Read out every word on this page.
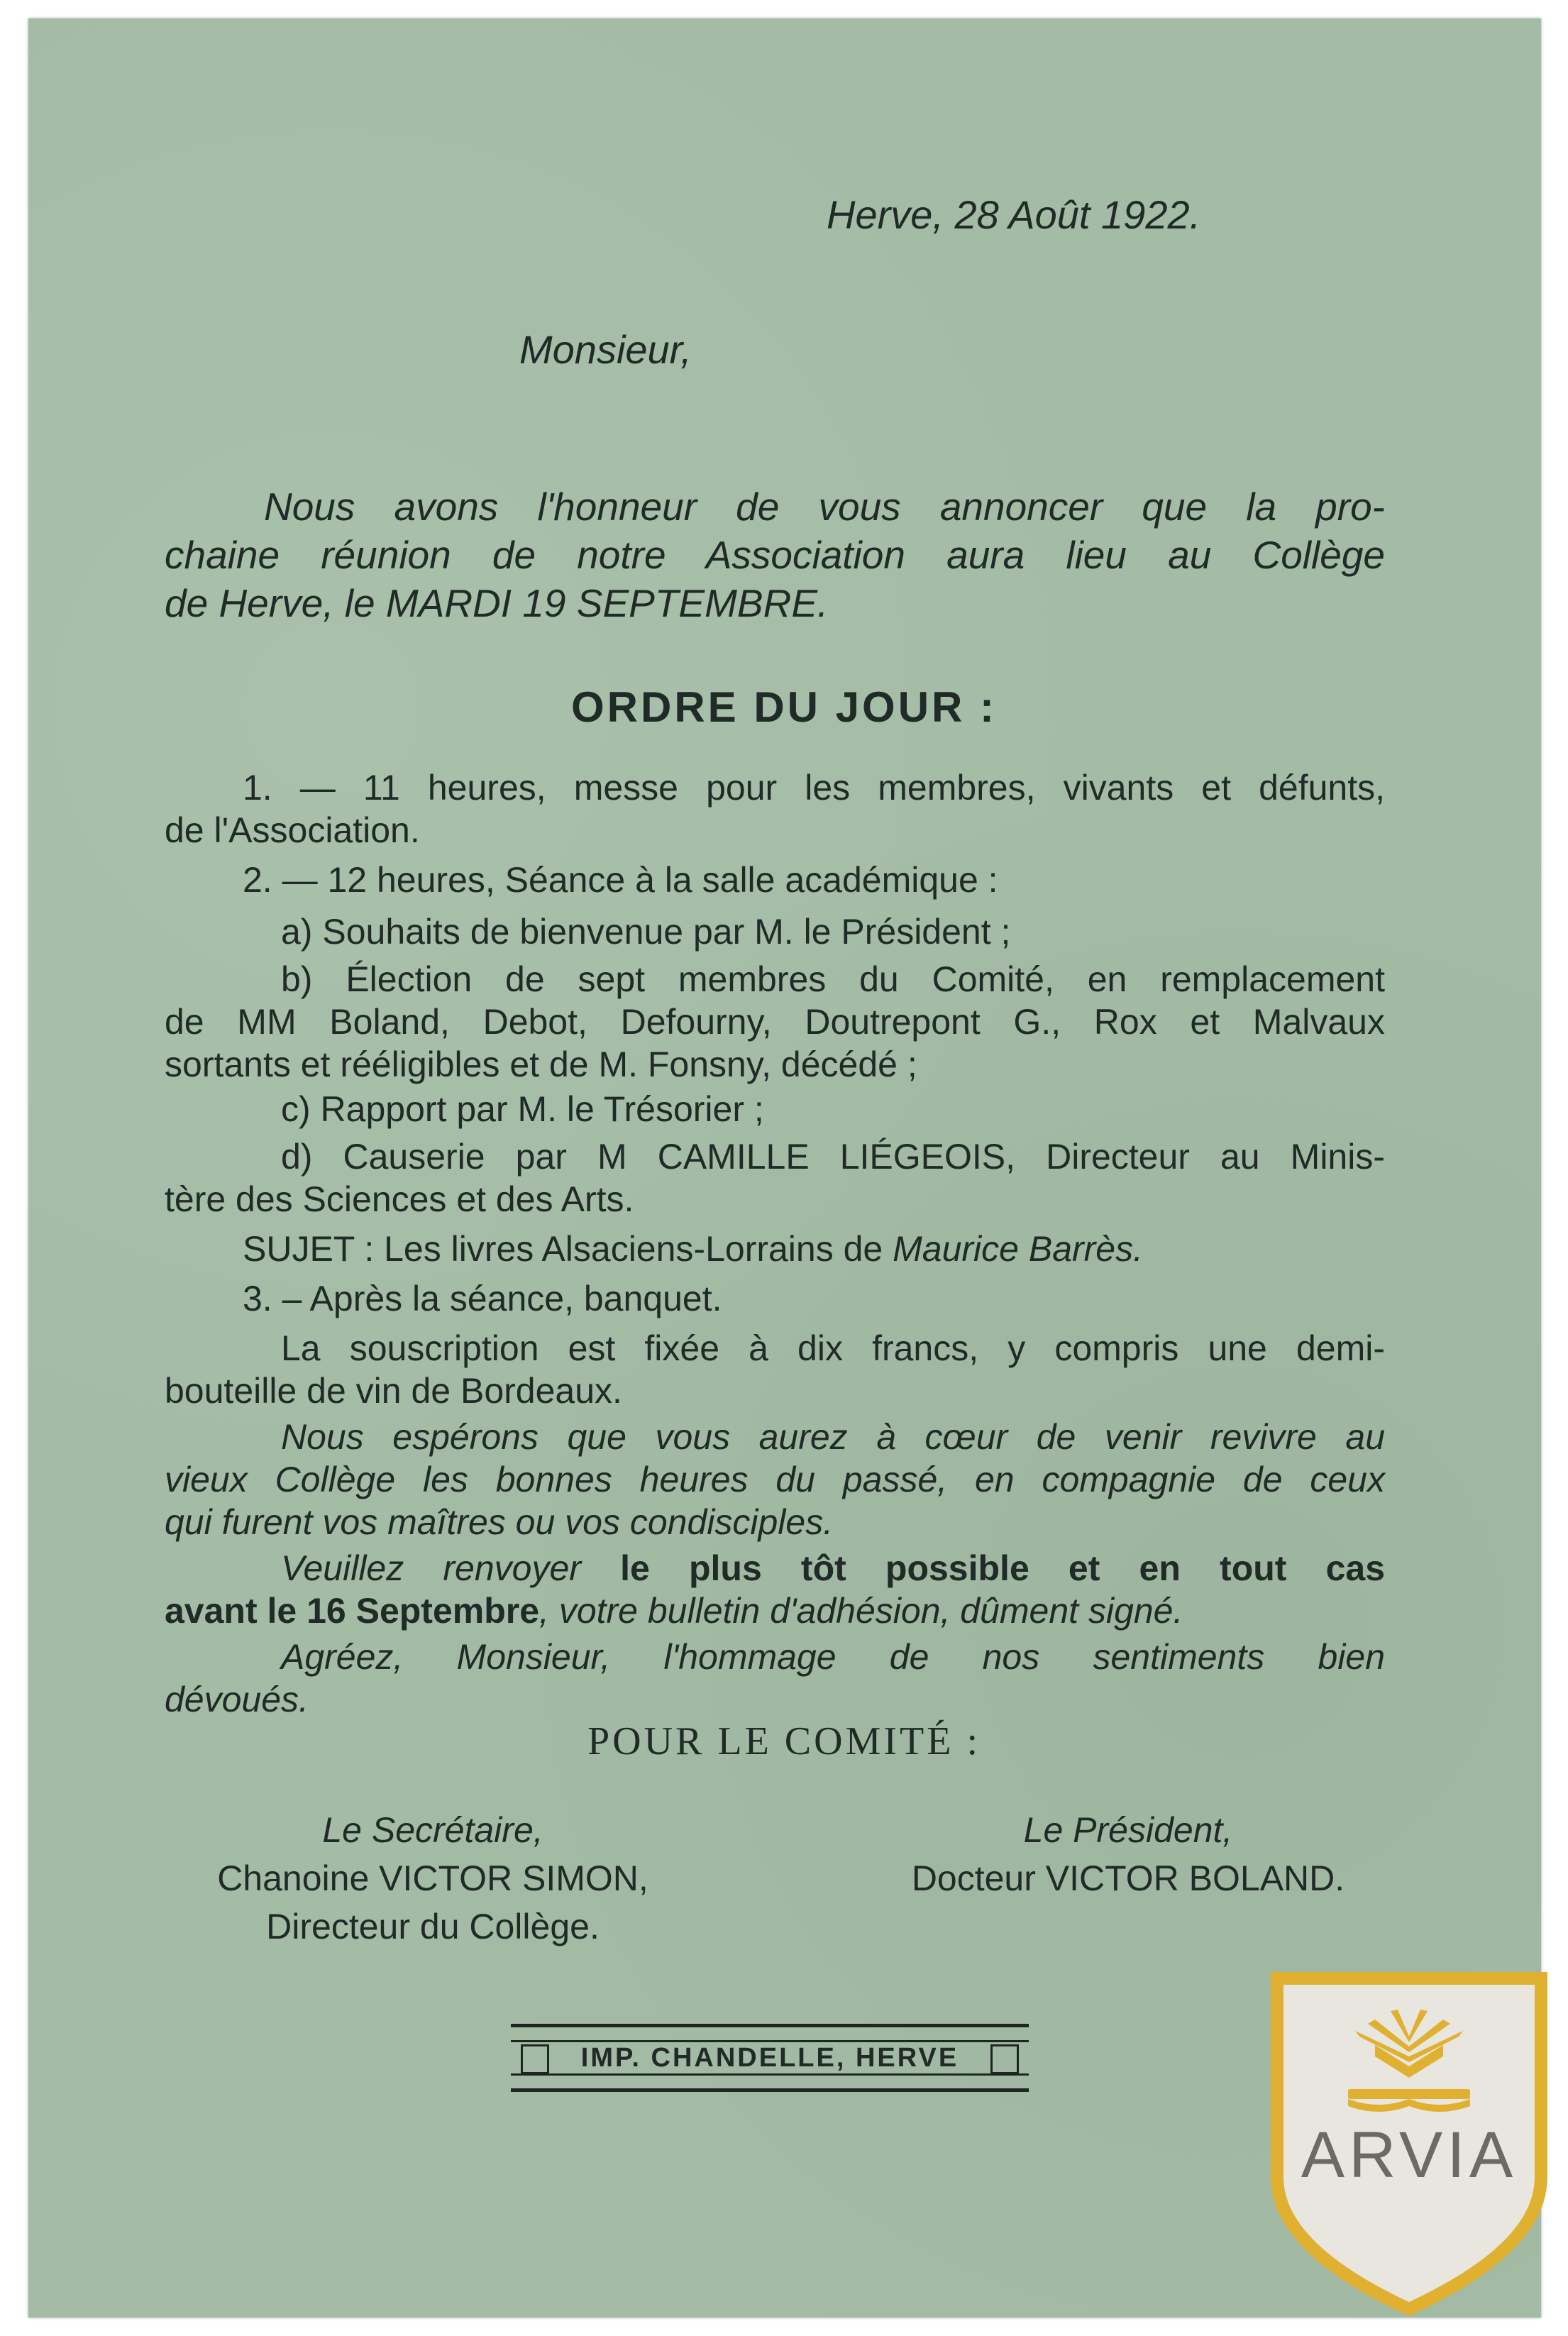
Herve, 28 Août 1922.
Monsieur,
Nous avons l'honneur de vous annoncer que la pro-
chaine réunion de notre Association aura lieu au Collège
de Herve, le MARDI 19 SEPTEMBRE.
ORDRE DU JOUR :
1. — 11 heures, messe pour les membres, vivants et défunts,
de l'Association.
2. — 12 heures, Séance à la salle académique :
a) Souhaits de bienvenue par M. le Président ;
b) Élection de sept membres du Comité, en remplacement
de MM Boland, Debot, Defourny, Doutrepont G., Rox et Malvaux
sortants et rééligibles et de M. Fonsny, décédé ;
c) Rapport par M. le Trésorier ;
d) Causerie par M CAMILLE LIÉGEOIS, Directeur au Minis-
tère des Sciences et des Arts.
SUJET : Les livres Alsaciens-Lorrains de Maurice Barrès.
3. – Après la séance, banquet.
La souscription est fixée à dix francs, y compris une demi-
bouteille de vin de Bordeaux.
Nous espérons que vous aurez à cœur de venir revivre au
vieux Collège les bonnes heures du passé, en compagnie de ceux
qui furent vos maîtres ou vos condisciples.
Veuillez renvoyer le plus tôt possible et en tout cas
avant le 16 Septembre, votre bulletin d'adhésion, dûment signé.
Agréez, Monsieur, l'hommage de nos sentiments bien
dévoués.
POUR LE COMITÉ :
Le Secrétaire,
Chanoine VICTOR SIMON,
Directeur du Collège.
Le Président,
Docteur VICTOR BOLAND.
IMP. CHANDELLE, HERVE
ARVIA
